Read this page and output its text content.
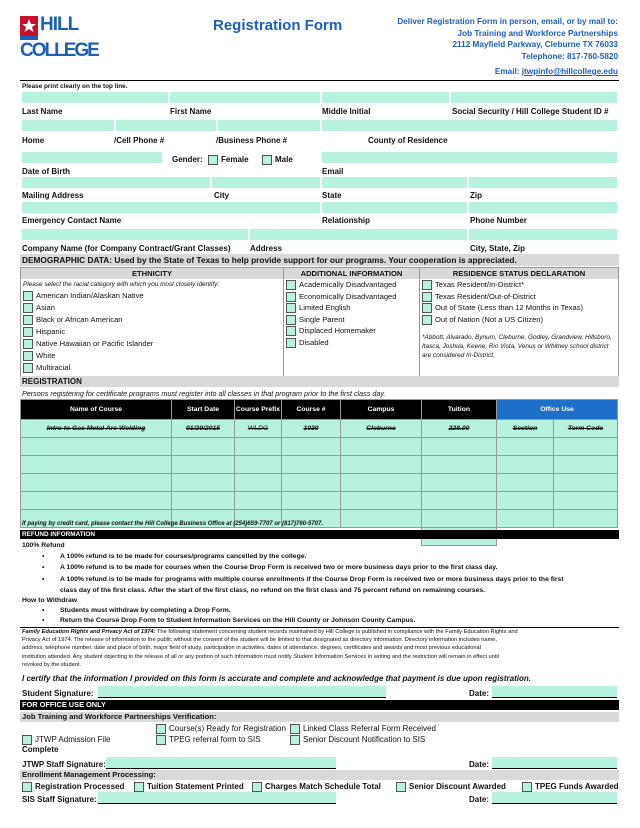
HILL
COLLEGE
Registration Form	Deliver Registration Form in person, email, or by mail to:
Job Training and Workforce Partnerships
2112 Mayfield Parkway, Cleburne TX 76033
Telephone: 817-760-5820
Email: jtwpinfo@hillcollege.edu
Please print clearly on the top line.
Last Name	First Name	Middle Initial	Social Security / Hill College Student ID #
Home	/Cell Phone #	/Business Phone #	County of Residence
Gender:	Female	Male
Date of Birth	Email
Mailing Address	City	State	Zip
Emergency Contact Name	Relationship	Phone Number
Company Name (for Company Contract/Grant Classes) Address	City, State, Zip
DEMOGRAPHIC DATA: Used by the State of Texas to help provide support for our programs. Your cooperation is appreciated.
ETHNICITY
Please select the racial category with which you most closely identify:
American Indian/Alaskan Native
Asian
Black or African American
Hispanic
Native Hawaiian or Pacific Islander
White
Multiracial
ADDITIONAL INFORMATION
Academically Disadvantaged
Economically Disadvantaged
Limited English
Single Parent
Displaced Homemaker
Disabled
RESIDENCE STATUS DECLARATION
Texas Resident/In-District*
Texas Resident/Out-of-District
Out of State (Less than 12 Months in Texas)
Out of Nation (Not a US Citizen)
*Abbott, Alvarado, Bynum, Cleburne, Godley, Grandview, Hillsboro, Itasca, Joshua, Keene, Rio Vista, Venus or Whitney school district are considered In-District.
REGISTRATION
Persons registering for certificate programs must register into all classes in that program prior to the first class day.
Name of Course	Start Date	Course Prefix	Course #	Campus	Tuition	Office Use	
Intro to Gas Metal Arc Welding	01/20/2015	WLDG	1030	Cleburne	228.00	Section	Term Code

If paying by credit card, please contact the Hill College Business Office at (254)659-7707 or (817)760-5707.
REFUND INFORMATION
100% Refund
• A 100% refund is to be made for courses/programs cancelled by the college.
• A 100% refund is to be made for courses when the Course Drop Form is received two or more business days prior to the first class day.
• A 100% refund is to be made for programs with multiple course enrollments if the Course Drop Form is received two or more business days prior to the first
class day of the first class. After the start of the first class, no refund on the first class and 75 percent refund on remaining courses.
How to Withdraw
• Students must withdraw by completing a Drop Form.
• Return the Course Drop Form to Student Information Services on the Hill County or Johnson County Campus.
Family Education Rights and Privacy Act of 1974: The following statement concerning student records maintained by Hill College is published in compliance with the Family Education Rights and
Privacy Act of 1974. The release of information to the public without the consent of the student will be limited to that designated as directory information. Directory information includes name,
address, telephone number, date and place of birth, major field of study, participation in activities, dates of attendance, degrees, certificates and awards and most previous educational
institution attended. Any student objecting to the release of all or any portion of such information must notify Student Information Services in writing and the restriction will remain in effect until
revoked by the student.
I certify that the information I provided on this form is accurate and complete and acknowledge that payment is due upon registration.
Student Signature:	Date:
FOR OFFICE USE ONLY
Job Training and Workforce Partnerships Verification:
Course(s) Ready for Registration	Linked Class Referral Form Received
JTWP Admission File	TPEG referral form to SIS	Senior Discount Notification to SIS
Complete
JTWP Staff Signature:	Date:
Enrollment Management Processing:
Registration Processed	Tuition Statement Printed	Charges Match Schedule Total	Senior Discount Awarded	TPEG Funds Awarded
SIS Staff Signature:	Date:
